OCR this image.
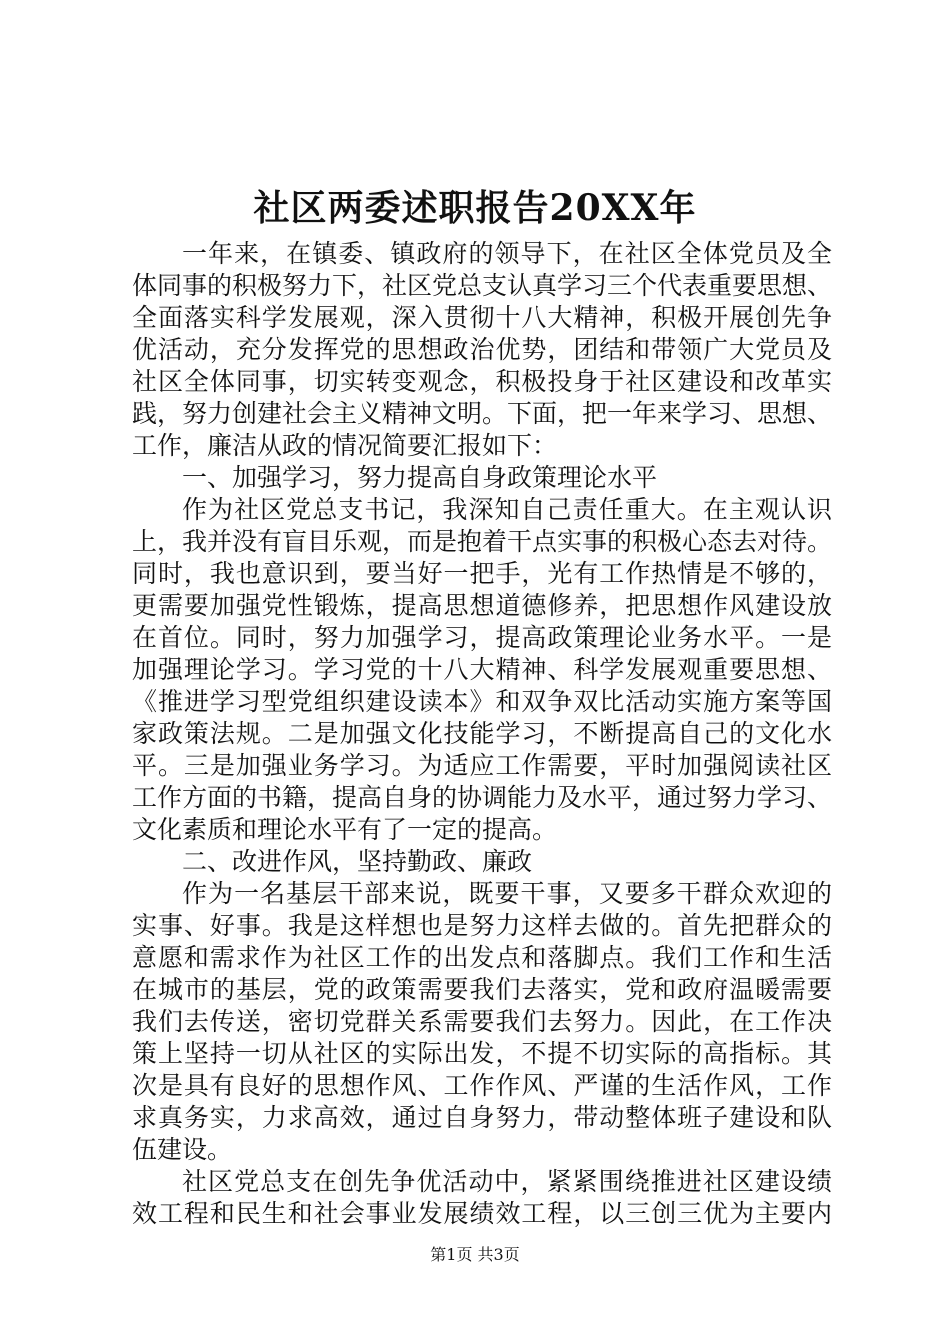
社区两委述职报告20XX年
一年来，在镇委、镇政府的领导下，在社区全体党员及全
体同事的积极努力下，社区党总支认真学习三个代表重要思想、
全面落实科学发展观，深入贯彻十八大精神，积极开展创先争
优活动，充分发挥党的思想政治优势，团结和带领广大党员及
社区全体同事，切实转变观念，积极投身于社区建设和改革实
践，努力创建社会主义精神文明。下面，把一年来学习、思想、
工作，廉洁从政的情况简要汇报如下：
一、加强学习，努力提高自身政策理论水平
作为社区党总支书记，我深知自己责任重大。在主观认识
上，我并没有盲目乐观，而是抱着干点实事的积极心态去对待。
同时，我也意识到，要当好一把手，光有工作热情是不够的，
更需要加强党性锻炼，提高思想道德修养，把思想作风建设放
在首位。同时，努力加强学习，提高政策理论业务水平。一是
加强理论学习。学习党的十八大精神、科学发展观重要思想、
《推进学习型党组织建设读本》和双争双比活动实施方案等国
家政策法规。二是加强文化技能学习，不断提高自己的文化水
平。三是加强业务学习。为适应工作需要，平时加强阅读社区
工作方面的书籍，提高自身的协调能力及水平，通过努力学习、
文化素质和理论水平有了一定的提高。
二、改进作风，坚持勤政、廉政
作为一名基层干部来说，既要干事，又要多干群众欢迎的
实事、好事。我是这样想也是努力这样去做的。首先把群众的
意愿和需求作为社区工作的出发点和落脚点。我们工作和生活
在城市的基层，党的政策需要我们去落实，党和政府温暖需要
我们去传送，密切党群关系需要我们去努力。因此，在工作决
策上坚持一切从社区的实际出发，不提不切实际的高指标。其
次是具有良好的思想作风、工作作风、严谨的生活作风，工作
求真务实，力求高效，通过自身努力，带动整体班子建设和队
伍建设。
社区党总支在创先争优活动中，紧紧围绕推进社区建设绩
效工程和民生和社会事业发展绩效工程，以三创三优为主要内
第1页 共3页
